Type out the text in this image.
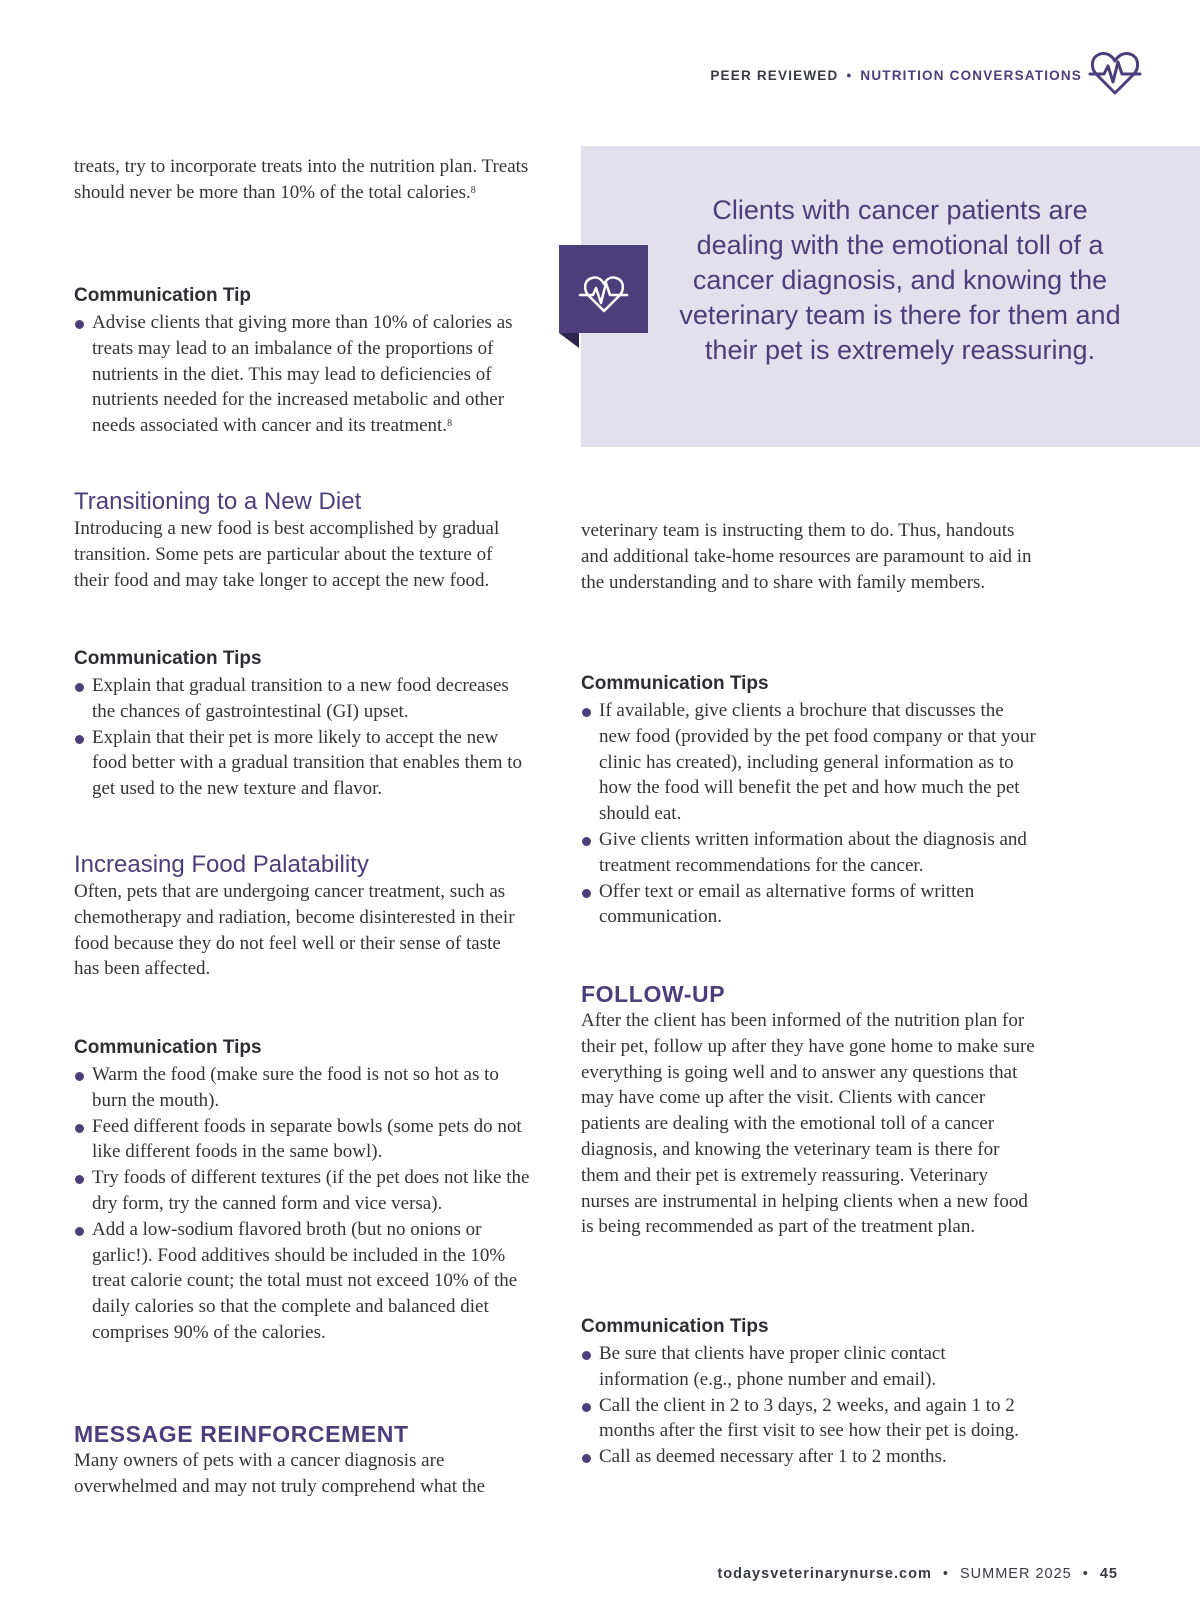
PEER REVIEWED • NUTRITION CONVERSATIONS
Clients with cancer patients are dealing with the emotional toll of a cancer diagnosis, and knowing the veterinary team is there for them and their pet is extremely reassuring.

treats, try to incorporate treats into the nutrition plan. Treats should never be more than 10% of the total calories.$^8$

Communication Tip
Advise clients that giving more than 10% of calories as treats may lead to an imbalance of the proportions of nutrients in the diet. This may lead to deficiencies of nutrients needed for the increased metabolic and other needs associated with cancer and its treatment.$^8$
Transitioning to a New Diet

Introducing a new food is best accomplished by gradual transition. Some pets are particular about the texture of their food and may take longer to accept the new food.

Communication Tips
Explain that gradual transition to a new food decreases the chances of gastrointestinal (GI) upset.
Explain that their pet is more likely to accept the new food better with a gradual transition that enables them to get used to the new texture and flavor.
Increasing Food Palatability

Often, pets that are undergoing cancer treatment, such as chemotherapy and radiation, become disinterested in their food because they do not feel well or their sense of taste has been affected.

Communication Tips
Warm the food (make sure the food is not so hot as to burn the mouth).
Feed different foods in separate bowls (some pets do not like different foods in the same bowl).
Try foods of different textures (if the pet does not like the dry form, try the canned form and vice versa).
Add a low-sodium flavored broth (but no onions or garlic!). Food additives should be included in the 10% treat calorie count; the total must not exceed 10% of the daily calories so that the complete and balanced diet comprises 90% of the calories.
MESSAGE REINFORCEMENT

Many owners of pets with a cancer diagnosis are overwhelmed and may not truly comprehend what the

veterinary team is instructing them to do. Thus, handouts and additional take-home resources are paramount to aid in the understanding and to share with family members.

Communication Tips
If available, give clients a brochure that discusses the new food (provided by the pet food company or that your clinic has created), including general information as to how the food will benefit the pet and how much the pet should eat.
Give clients written information about the diagnosis and treatment recommendations for the cancer.
Offer text or email as alternative forms of written communication.
FOLLOW-UP

After the client has been informed of the nutrition plan for their pet, follow up after they have gone home to make sure everything is going well and to answer any questions that may have come up after the visit. Clients with cancer patients are dealing with the emotional toll of a cancer diagnosis, and knowing the veterinary team is there for them and their pet is extremely reassuring. Veterinary nurses are instrumental in helping clients when a new food is being recommended as part of the treatment plan.

Communication Tips
Be sure that clients have proper clinic contact information (e.g., phone number and email).
Call the client in 2 to 3 days, 2 weeks, and again 1 to 2 months after the first visit to see how their pet is doing.
Call as deemed necessary after 1 to 2 months.
todaysveterinarynurse.com • SUMMER 2025 • 45
